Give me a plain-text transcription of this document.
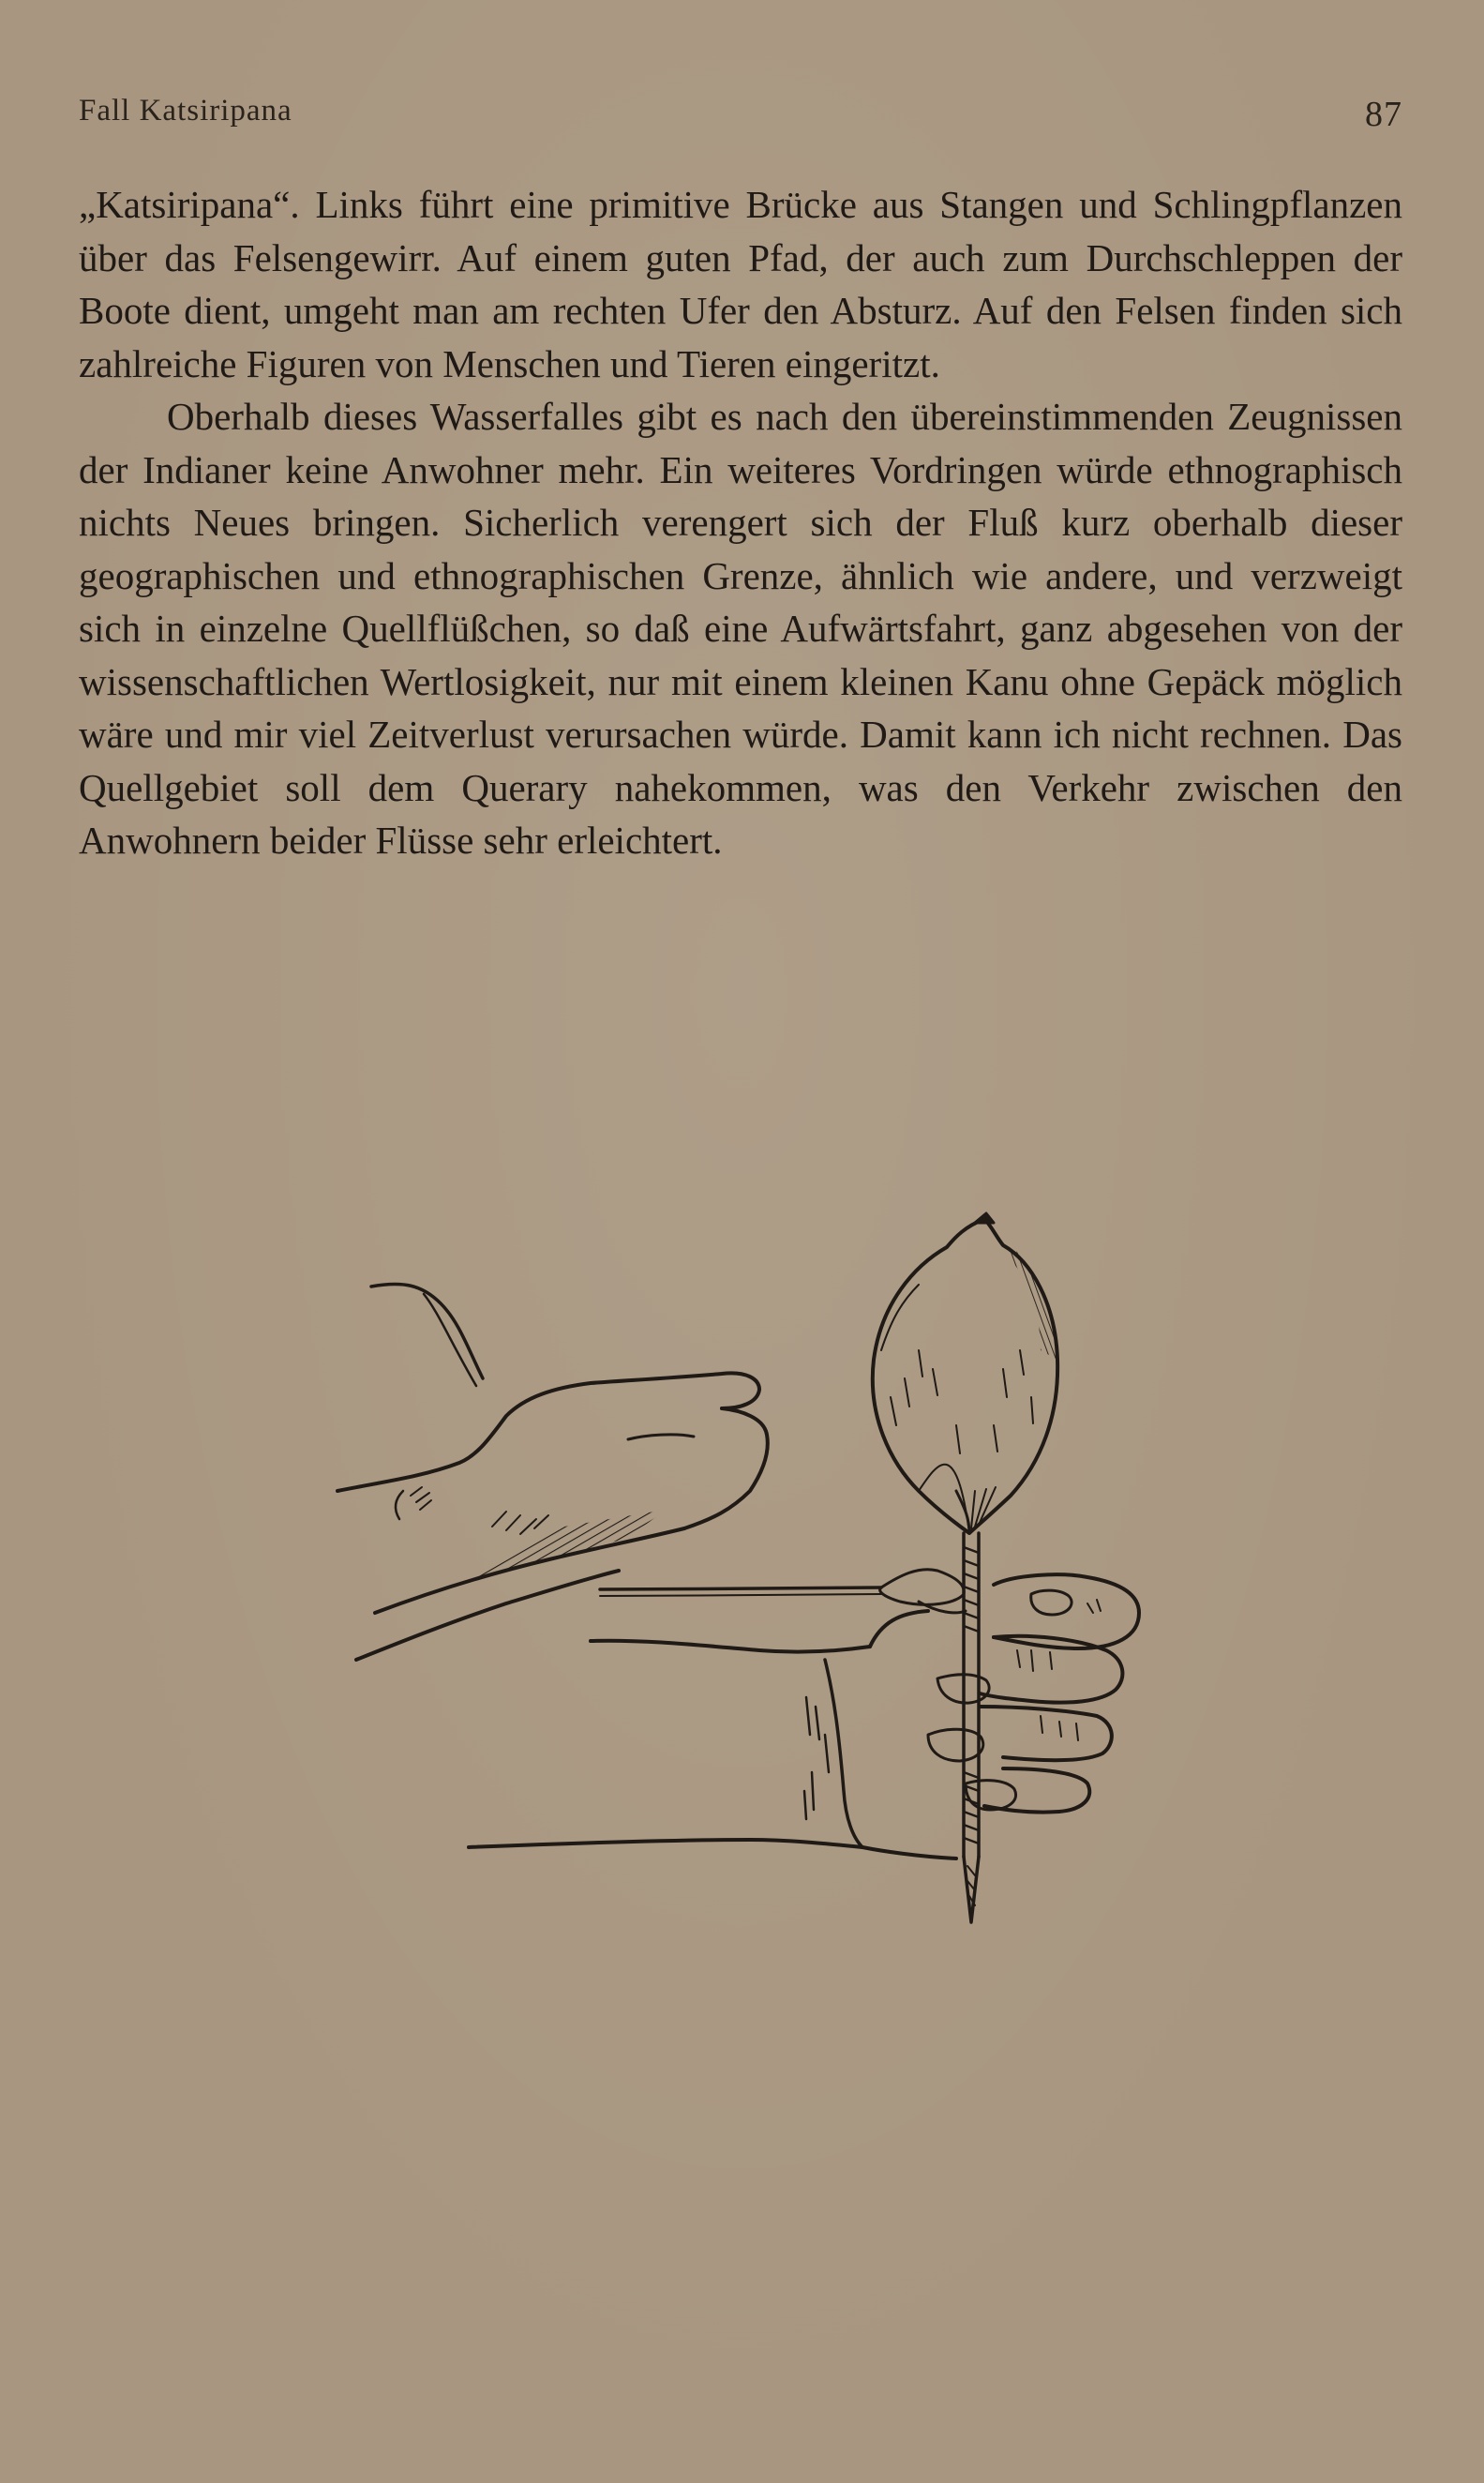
Fall Katsiripana	87

„Katsiripana“. Links führt eine primitive Brücke aus Stangen und Schlingpflanzen über das Felsengewirr. Auf einem guten Pfad, der auch zum Durchschleppen der Boote dient, umgeht man am rechten Ufer den Absturz. Auf den Felsen finden sich zahlreiche Figuren von Menschen und Tieren eingeritzt.

Oberhalb dieses Wasserfalles gibt es nach den übereinstimmenden Zeugnissen der Indianer keine Anwohner mehr. Ein weiteres Vordringen würde ethnographisch nichts Neues bringen. Sicherlich verengert sich der Fluß kurz oberhalb dieser geographischen und ethnographischen Grenze, ähnlich wie andere, und verzweigt sich in einzelne Quellflüßchen, so daß eine Aufwärtsfahrt, ganz abgesehen von der wissenschaftlichen Wertlosigkeit, nur mit einem kleinen Kanu ohne Gepäck möglich wäre und mir viel Zeitverlust verursachen würde. Damit kann ich nicht rechnen. Das Quellgebiet soll dem Querary nahekommen, was den Verkehr zwischen den Anwohnern beider Flüsse sehr erleichtert.
